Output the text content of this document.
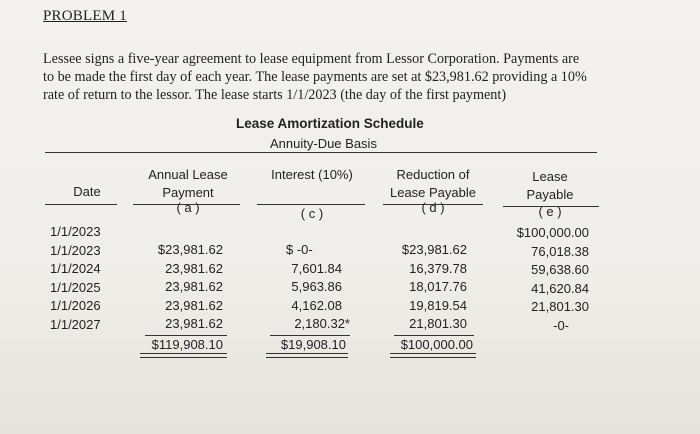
PROBLEM 1
Lessee signs a five-year agreement to lease equipment from Lessor Corporation. Payments are
to be made the first day of each year. The lease payments are set at $23,981.62 providing a 10%
rate of return to the lessor. The lease starts 1/1/2023 (the day of the first payment)
Lease Amortization Schedule
Annuity-Due Basis
Date
Annual Lease
Payment
( a )
Interest (10%)
( c )
Reduction of
Lease Payable
( d )
Lease
Payable
( e )
1/1/2023
1/1/2023
1/1/2024
1/1/2025
1/1/2026
1/1/2027
$23,981.62
23,981.62
23,981.62
23,981.62
23,981.62
$119,908.10
$ -0-
7,601.84
5,963.86
4,162.08
2,180.32*
$19,908.10
$23,981.62
16,379.78
18,017.76
19,819.54
21,801.30
$100,000.00
$100,000.00
76,018.38
59,638.60
41,620.84
21,801.30
-0-
